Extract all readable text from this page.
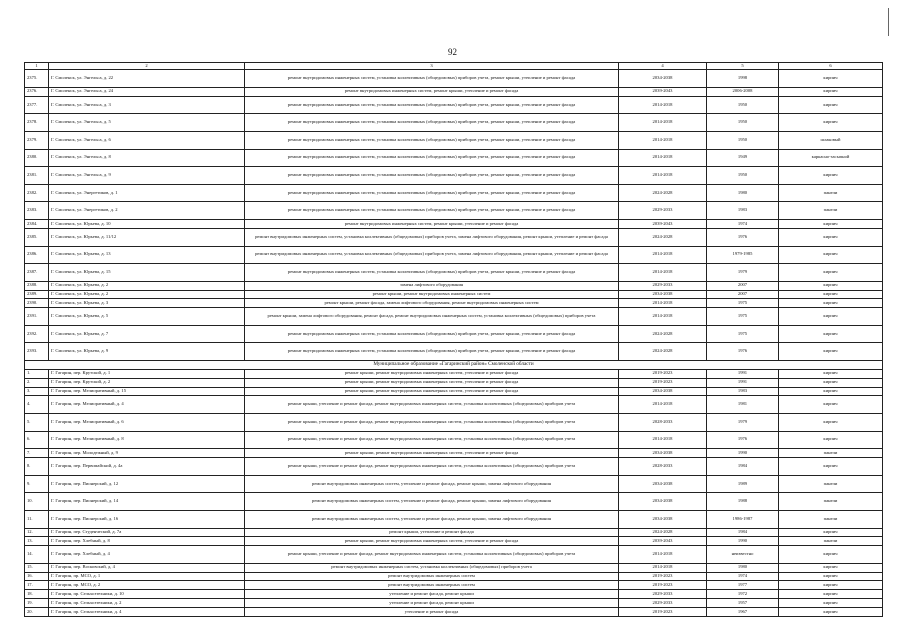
92
1	2	3	4	5	6
2375.	Г. Смоленск, ул. Энгельса, д. 22	ремонт внутридомовых инженерных систем, установка коллективных (общедомовых) приборов учета, ремонт крыши, утепление и ремонт фасада	2034-2038	1998	кирпич
2376.	Г. Смоленск, ул. Энгельса, д. 24	ремонт внутридомовых инженерных систем, ремонт крыши, утепление и ремонт фасада	2039-2043	2006-2008	кирпич
2377.	Г. Смоленск, ул. Энгельса, д. 3	ремонт внутридомовых инженерных систем, установка коллективных (общедомовых) приборов учета, ремонт крыши, утепление и ремонт фасада	2014-2018	1950	кирпич
2378.	Г. Смоленск, ул. Энгельса, д. 5	ремонт внутридомовых инженерных систем, установка коллективных (общедомовых) приборов учета, ремонт крыши, утепление и ремонт фасада	2014-2018	1950	кирпич
2379.	Г. Смоленск, ул. Энгельса, д. 6	ремонт внутридомовых инженерных систем, установка коллективных (общедомовых) приборов учета, ремонт крыши, утепление и ремонт фасада	2014-2018	1950	шлаковый
2380.	Г. Смоленск, ул. Энгельса, д. 8	ремонт внутридомовых инженерных систем, установка коллективных (общедомовых) приборов учета, ремонт крыши, утепление и ремонт фасада	2014-2018	1949	каркасно-засыпной
2381.	Г. Смоленск, ул. Энгельса, д. 9	ремонт внутридомовых инженерных систем, установка коллективных (общедомовых) приборов учета, ремонт крыши, утепление и ремонт фасада	2014-2018	1950	кирпич
2382.	Г. Смоленск, ул. Энергетиков, д. 1	ремонт внутридомовых инженерных систем, установка коллективных (общедомовых) приборов учета, ремонт крыши, утепление и ремонт фасада	2024-2028	1980	панели
2383.	Г. Смоленск, ул. Энергетиков, д. 2	ремонт внутридомовых инженерных систем, установка коллективных (общедомовых) приборов учета, ремонт крыши, утепление и ремонт фасада	2029-2033	1983	панели
2384.	Г. Смоленск, ул. Юрьева, д. 10	ремонт внутридомовых инженерных систем, ремонт крыши, утепление и ремонт фасада	2039-2043	1974	кирпич
2385.	Г. Смоленск, ул. Юрьева, д. 11/12	ремонт внутридомовых инженерных систем, установка коллективных (общедомовых) приборов учета, замена лифтового оборудования, ремонт крыши, утепление и ремонт фасада	2024-2028	1976	кирпич
2386.	Г. Смоленск, ул. Юрьева, д. 13	ремонт внутридомовых инженерных систем, установка коллективных (общедомовых) приборов учета, замена лифтового оборудования, ремонт крыши, утепление и ремонт фасада	2014-2018	1979-1985	кирпич
2387.	Г. Смоленск, ул. Юрьева, д. 15	ремонт внутридомовых инженерных систем, установка коллективных (общедомовых) приборов учета, ремонт крыши, утепление и ремонт фасада	2014-2018	1979	кирпич
2388.	Г. Смоленск, ул. Юрьева, д. 2	замена лифтового оборудования	2029-2033	2007	кирпич
2389.	Г. Смоленск, ул. Юрьева, д. 2	ремонт крыши, ремонт внутридомовых инженерных систем	2034-2038	2007	кирпич
2390.	Г. Смоленск, ул. Юрьева, д. 3	ремонт крыши, ремонт фасада, замена лифтового оборудования, ремонт внутридомовых инженерных систем	2014-2018	1975	кирпич
2391.	Г. Смоленск, ул. Юрьева, д. 5	ремонт крыши, замена лифтового оборудования, ремонт фасада, ремонт внутридомовых инженерных систем, установка коллективных (общедомовых) приборов учета	2014-2018	1975	кирпич
2392.	Г. Смоленск, ул. Юрьева, д. 7	ремонт внутридомовых инженерных систем, установка коллективных (общедомовых) приборов учета, ремонт крыши, утепление и ремонт фасада	2024-2028	1975	кирпич
2393.	Г. Смоленск, ул. Юрьева, д. 9	ремонт внутридомовых инженерных систем, установка коллективных (общедомовых) приборов учета, ремонт крыши, утепление и ремонт фасада	2024-2028	1976	кирпич
Муниципальное образование «Гагаринский район» Смоленской области					
1.	Г. Гагарин, пер. Крутской, д. 1	ремонт крыши, ремонт внутридомовых инженерных систем, утепление и ремонт фасада	2019-2023	1991	кирпич
2.	Г. Гагарин, пер. Крутской, д. 2	ремонт крыши, ремонт внутридомовых инженерных систем, утепление и ремонт фасада	2019-2023	1991	кирпич
3.	Г. Гагарин, пер. Мелиоративный, д. 15	ремонт крыши, ремонт внутридомовых инженерных систем, утепление и ремонт фасада	2034-2038	1983	кирпич
4.	Г. Гагарин, пер. Мелиоративный, д. 4	ремонт крыши, утепление и ремонт фасада, ремонт внутридомовых инженерных систем, установка коллективных (общедомовых) приборов учета	2014-2018	1981	кирпич
5.	Г. Гагарин, пер. Мелиоративный, д. 6	ремонт крыши, утепление и ремонт фасада, ремонт внутридомовых инженерных систем, установка коллективных (общедомовых) приборов учета	2028-2033	1979	кирпич
6.	Г. Гагарин, пер. Мелиоративный, д. 8	ремонт крыши, утепление и ремонт фасада, ремонт внутридомовых инженерных систем, установка коллективных (общедомовых) приборов учета	2014-2018	1976	кирпич
7.	Г. Гагарин, пер. Молодежный, д. 9	ремонт крыши, ремонт внутридомовых инженерных систем, утепление и ремонт фасада	2034-2038	1990	панели
8.	Г. Гагарин, пер. Первомайский, д. 4а	ремонт крыши, утепление и ремонт фасада, ремонт внутридомовых инженерных систем, установка коллективных (общедомовых) приборов учета	2028-2033	1984	кирпич
9.	Г. Гагарин, пер. Пионерский, д. 12	ремонт внутридомовых инженерных систем, утепление и ремонт фасада, ремонт крыши, замена лифтового оборудования	2034-2038	1989	панели
10.	Г. Гагарин, пер. Пионерский, д. 14	ремонт внутридомовых инженерных систем, утепление и ремонт фасада, ремонт крыши, замена лифтового оборудования	2034-2038	1988	панели
11.	Г. Гагарин, пер. Пионерский, д. 16	ремонт внутридомовых инженерных систем, утепление и ремонт фасада, ремонт крыши, замена лифтового оборудования	2034-2038	1986-1987	панели
12.	Г. Гагарин, пер. Студенческий, д. 7а	ремонт крыши, утепление и ремонт фасада	2024-2028	1984	кирпич
13.	Г. Гагарин, пер. Хлебный, д. 8	ремонт крыши, ремонт внутридомовых инженерных систем, утепление и ремонт фасада	2039-2043	1990	панели
14.	Г. Гагарин, пер. Хлебный, д. 4	ремонт крыши, утепление и ремонт фасада, ремонт внутридомовых инженерных систем, установка коллективных (общедомовых) приборов учета	2014-2018	неизвестно	кирпич
15.	Г. Гагарин, пер. Восковский, д. 4	ремонт внутридомовых инженерных систем, установка коллективных (общедомовых) приборов учета	2014-2018	1980	кирпич
16.	Г. Гагарин, пр. МСО, д. 1	ремонт внутридомовых инженерных систем	2019-2023	1974	кирпич
17.	Г. Гагарин, пр. МСО, д. 2	ремонт внутридомовых инженерных систем	2019-2023	1977	кирпич
18.	Г. Гагарин, пр. Сельхозтехники, д. 10	утепление и ремонт фасада, ремонт крыши	2029-2033	1972	кирпич
19.	Г. Гагарин, пр. Сельхозтехники, д. 2	утепление и ремонт фасада, ремонт крыши	2029-2033	1957	кирпич
20.	Г. Гагарин, пр. Сельхозтехники, д. 4	утепление и ремонт фасада	2019-2023	1967	кирпич
